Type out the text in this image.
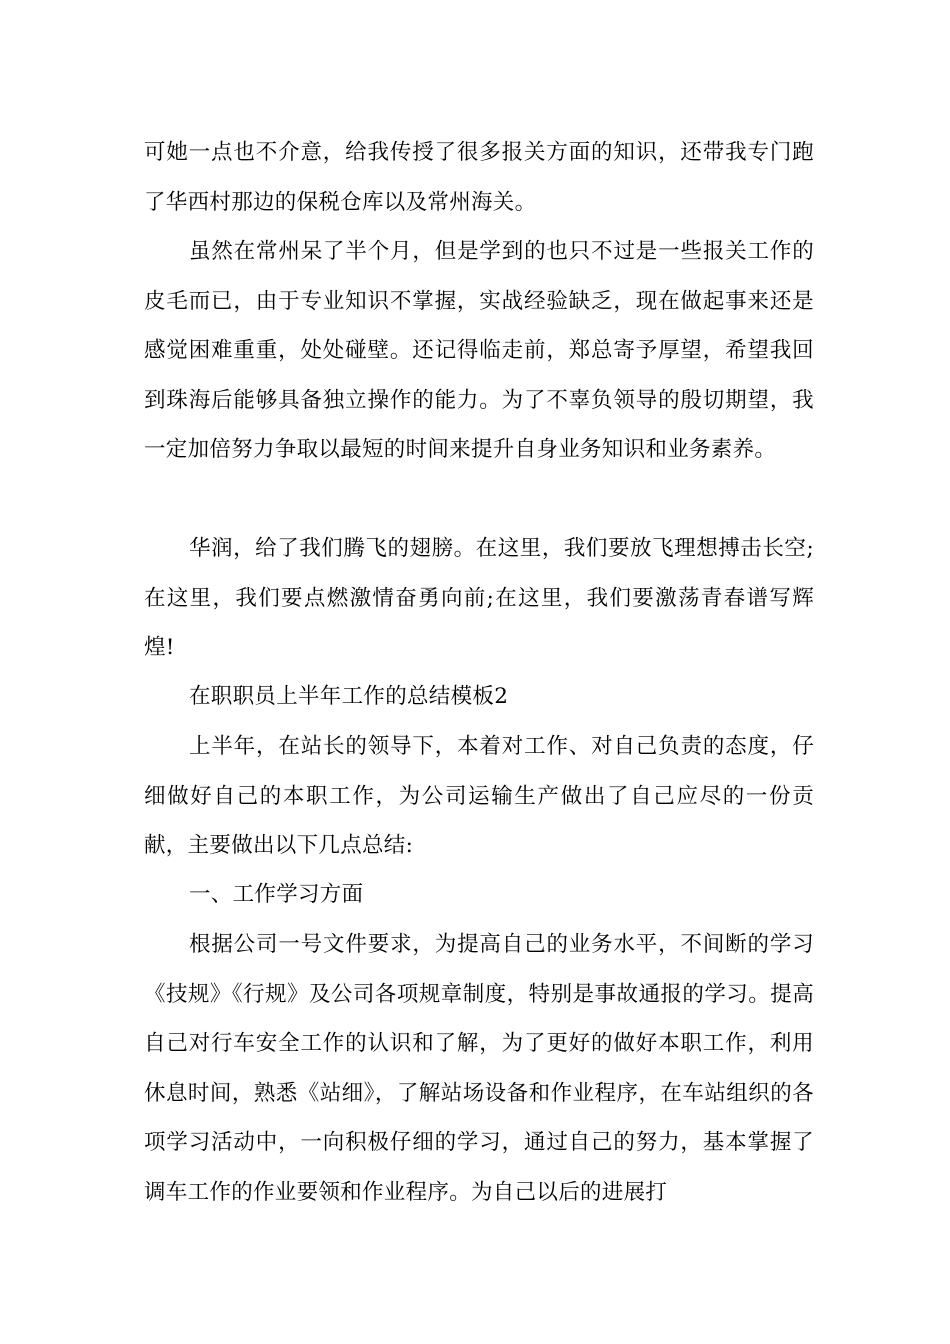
可她一点也不介意，给我传授了很多报关方面的知识，还带我专门跑了华西村那边的保税仓库以及常州海关。

虽然在常州呆了半个月，但是学到的也只不过是一些报关工作的皮毛而已，由于专业知识不掌握，实战经验缺乏，现在做起事来还是感觉困难重重，处处碰壁。还记得临走前，郑总寄予厚望，希望我回到珠海后能够具备独立操作的能力。为了不辜负领导的殷切期望，我一定加倍努力争取以最短的时间来提升自身业务知识和业务素养。

华润，给了我们腾飞的翅膀。在这里，我们要放飞理想搏击长空;在这里，我们要点燃激情奋勇向前;在这里，我们要激荡青春谱写辉煌!

在职职员上半年工作的总结模板2

上半年，在站长的领导下，本着对工作、对自己负责的态度，仔细做好自己的本职工作，为公司运输生产做出了自己应尽的一份贡献，主要做出以下几点总结:

一、工作学习方面

根据公司一号文件要求，为提高自己的业务水平，不间断的学习《技规》《行规》及公司各项规章制度，特别是事故通报的学习。提高自己对行车安全工作的认识和了解，为了更好的做好本职工作，利用休息时间，熟悉《站细》，了解站场设备和作业程序，在车站组织的各项学习活动中，一向积极仔细的学习，通过自己的努力，基本掌握了调车工作的作业要领和作业程序。为自己以后的进展打
